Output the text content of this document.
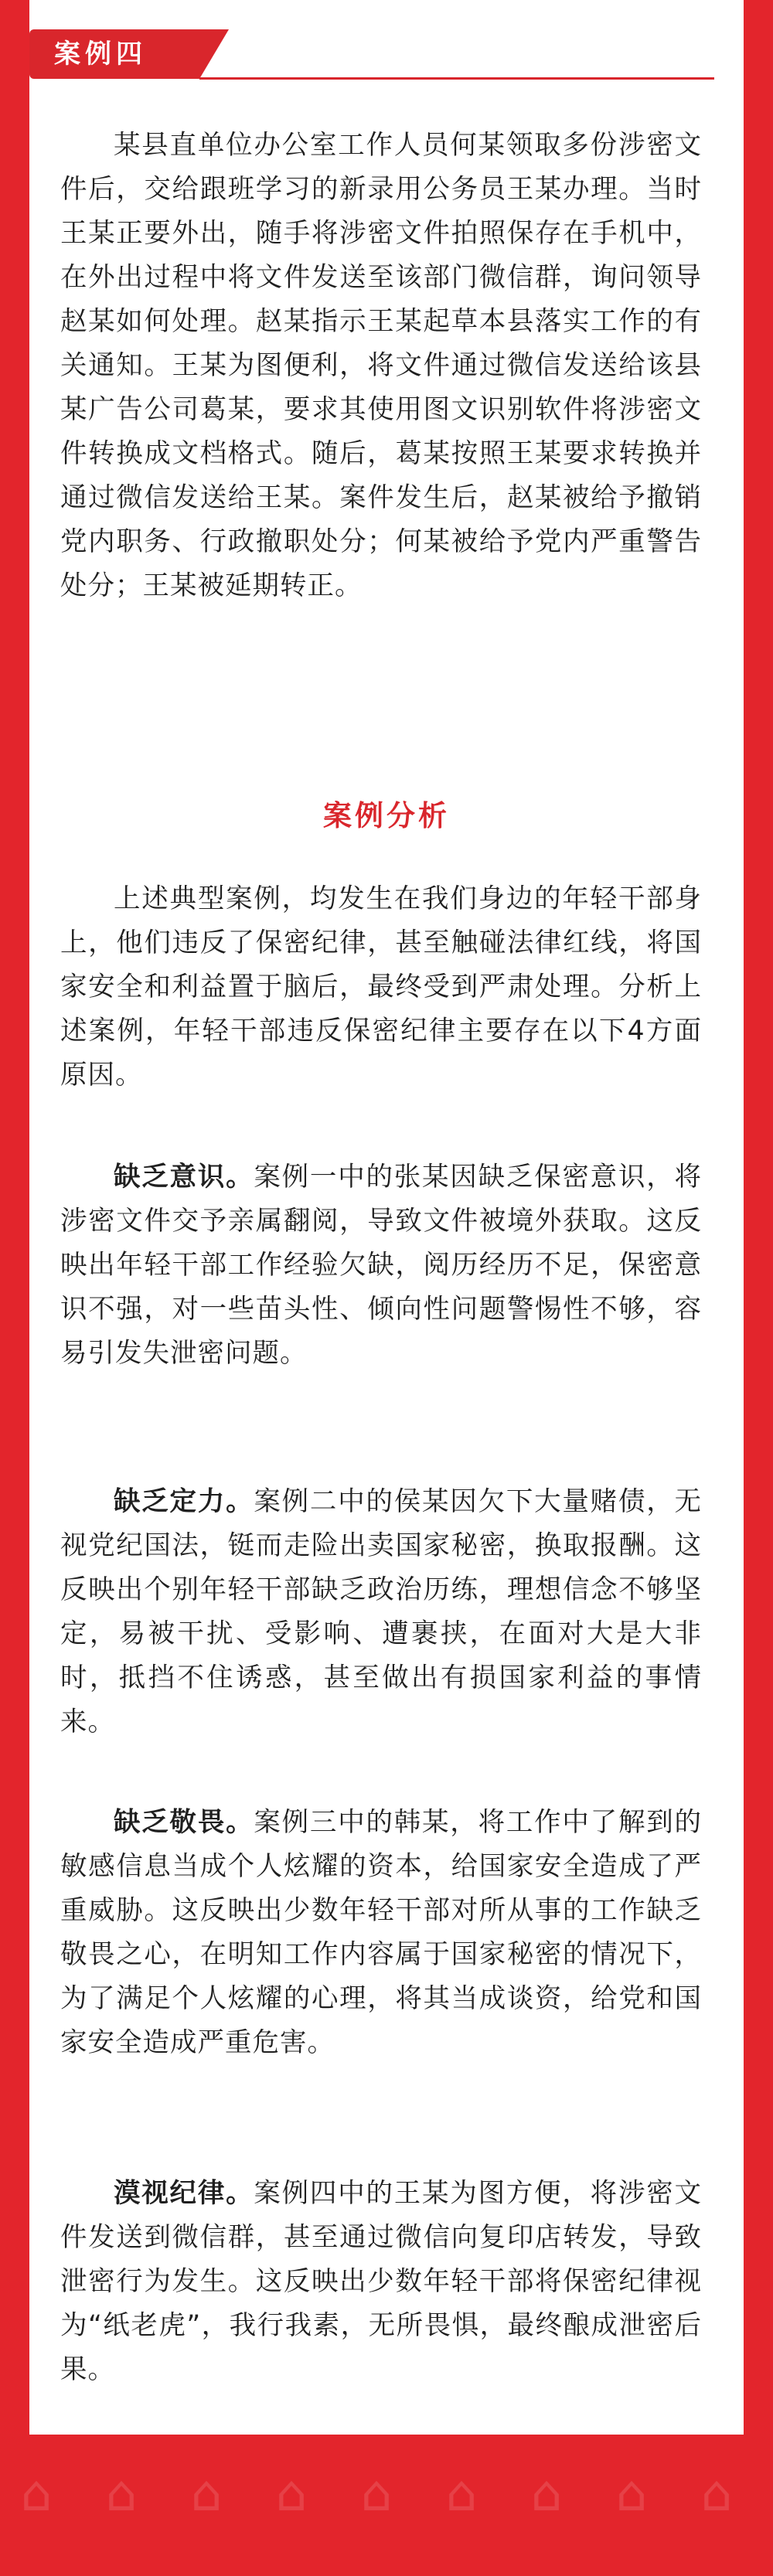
案例四

某县直单位办公室工作人员何某领取多份涉密文件后，交给跟班学习的新录用公务员王某办理。当时王某正要外出，随手将涉密文件拍照保存在手机中，在外出过程中将文件发送至该部门微信群，询问领导赵某如何处理。赵某指示王某起草本县落实工作的有关通知。王某为图便利，将文件通过微信发送给该县某广告公司葛某，要求其使用图文识别软件将涉密文件转换成文档格式。随后，葛某按照王某要求转换并通过微信发送给王某。案件发生后，赵某被给予撤销党内职务、行政撤职处分；何某被给予党内严重警告处分；王某被延期转正。

案例分析

上述典型案例，均发生在我们身边的年轻干部身上，他们违反了保密纪律，甚至触碰法律红线，将国家安全和利益置于脑后，最终受到严肃处理。分析上述案例，年轻干部违反保密纪律主要存在以下4方面原因。

缺乏意识。案例一中的张某因缺乏保密意识，将涉密文件交予亲属翻阅，导致文件被境外获取。这反映出年轻干部工作经验欠缺，阅历经历不足，保密意识不强，对一些苗头性、倾向性问题警惕性不够，容易引发失泄密问题。

缺乏定力。案例二中的侯某因欠下大量赌债，无视党纪国法，铤而走险出卖国家秘密，换取报酬。这反映出个别年轻干部缺乏政治历练，理想信念不够坚定，易被干扰、受影响、遭裹挟，在面对大是大非时，抵挡不住诱惑，甚至做出有损国家利益的事情来。

缺乏敬畏。案例三中的韩某，将工作中了解到的敏感信息当成个人炫耀的资本，给国家安全造成了严重威胁。这反映出少数年轻干部对所从事的工作缺乏敬畏之心，在明知工作内容属于国家秘密的情况下，为了满足个人炫耀的心理，将其当成谈资，给党和国家安全造成严重危害。

漠视纪律。案例四中的王某为图方便，将涉密文件发送到微信群，甚至通过微信向复印店转发，导致泄密行为发生。这反映出少数年轻干部将保密纪律视为“纸老虎”，我行我素，无所畏惧，最终酿成泄密后果。

⌂ ⌂ ⌂ ⌂ ⌂ ⌂ ⌂ ⌂ ⌂
